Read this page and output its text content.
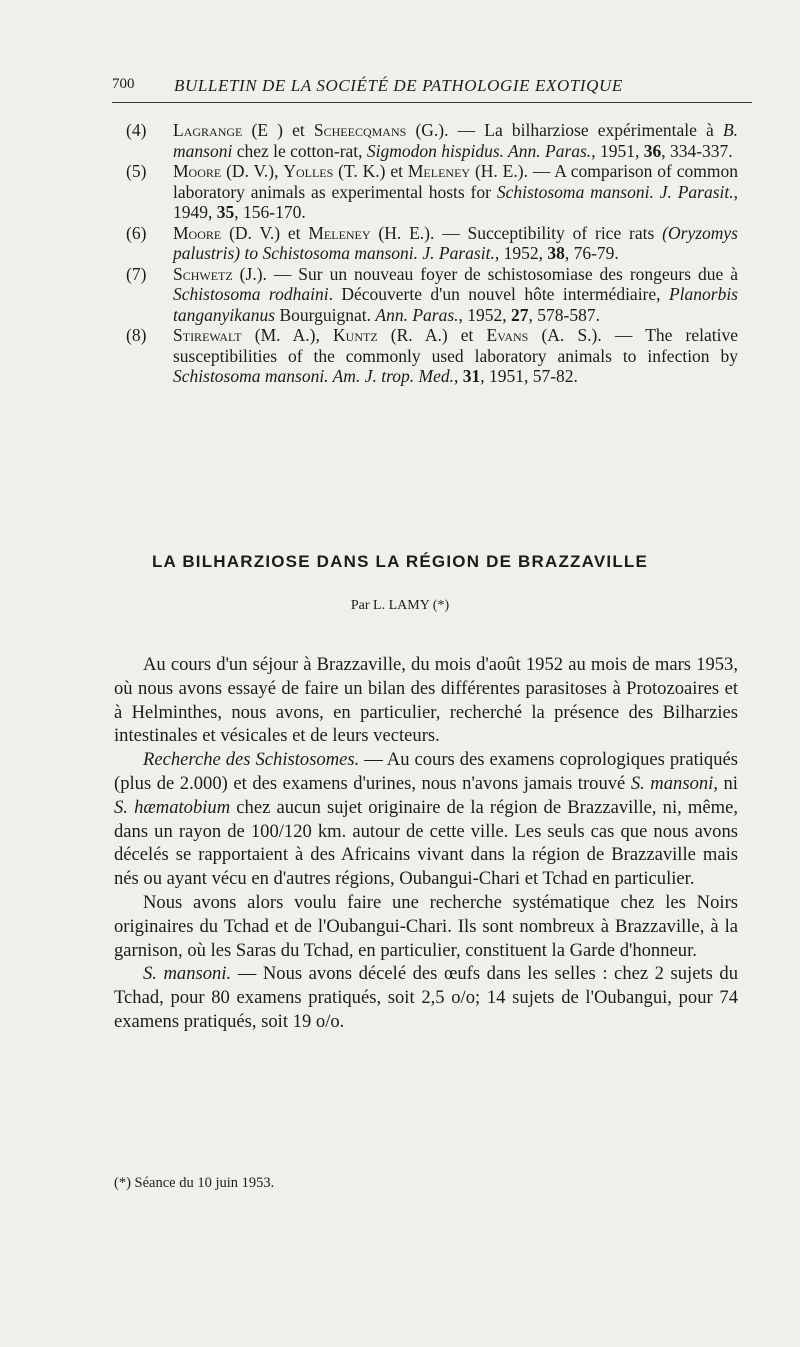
700 BULLETIN DE LA SOCIÉTÉ DE PATHOLOGIE EXOTIQUE
(4) Lagrange (E ) et Scheecqmans (G.). — La bilharziose expérimentale à B. mansoni chez le cotton-rat, Sigmodon hispidus. Ann. Paras., 1951, 36, 334-337.
(5) Moore (D. V.), Yolles (T. K.) et Meleney (H. E.). — A comparison of common laboratory animals as experimental hosts for Schistosoma mansoni. J. Parasit., 1949, 35, 156-170.
(6) Moore (D. V.) et Meleney (H. E.). — Succeptibility of rice rats (Oryzomys palustris) to Schistosoma mansoni. J. Parasit., 1952, 38, 76-79.
(7) Schwetz (J.). — Sur un nouveau foyer de schistosomiase des rongeurs due à Schistosoma rodhaini. Découverte d'un nouvel hôte intermédiaire, Planorbis tanganyikanus Bourguignat. Ann. Paras., 1952, 27, 578-587.
(8) Stirewalt (M. A.), Kuntz (R. A.) et Evans (A. S.). — The relative susceptibilities of the commonly used laboratory animals to infection by Schistosoma mansoni. Am. J. trop. Med., 31, 1951, 57-82.
LA BILHARZIOSE DANS LA RÉGION DE BRAZZAVILLE
Par L. LAMY (*)

Au cours d'un séjour à Brazzaville, du mois d'août 1952 au mois de mars 1953, où nous avons essayé de faire un bilan des différentes parasitoses à Protozoaires et à Helminthes, nous avons, en particulier, recherché la présence des Bilharzies intestinales et vésicales et de leurs vecteurs.

Recherche des Schistosomes. — Au cours des examens coprologiques pratiqués (plus de 2.000) et des examens d'urines, nous n'avons jamais trouvé S. mansoni, ni S. hæmatobium chez aucun sujet originaire de la région de Brazzaville, ni, même, dans un rayon de 100/120 km. autour de cette ville. Les seuls cas que nous avons décelés se rapportaient à des Africains vivant dans la région de Brazzaville mais nés ou ayant vécu en d'autres régions, Oubangui-Chari et Tchad en particulier.

Nous avons alors voulu faire une recherche systématique chez les Noirs originaires du Tchad et de l'Oubangui-Chari. Ils sont nombreux à Brazzaville, à la garnison, où les Saras du Tchad, en particulier, constituent la Garde d'honneur.

S. mansoni. — Nous avons décelé des œufs dans les selles : chez 2 sujets du Tchad, pour 80 examens pratiqués, soit 2,5 o/o; 14 sujets de l'Oubangui, pour 74 examens pratiqués, soit 19 o/o.

(*) Séance du 10 juin 1953.
